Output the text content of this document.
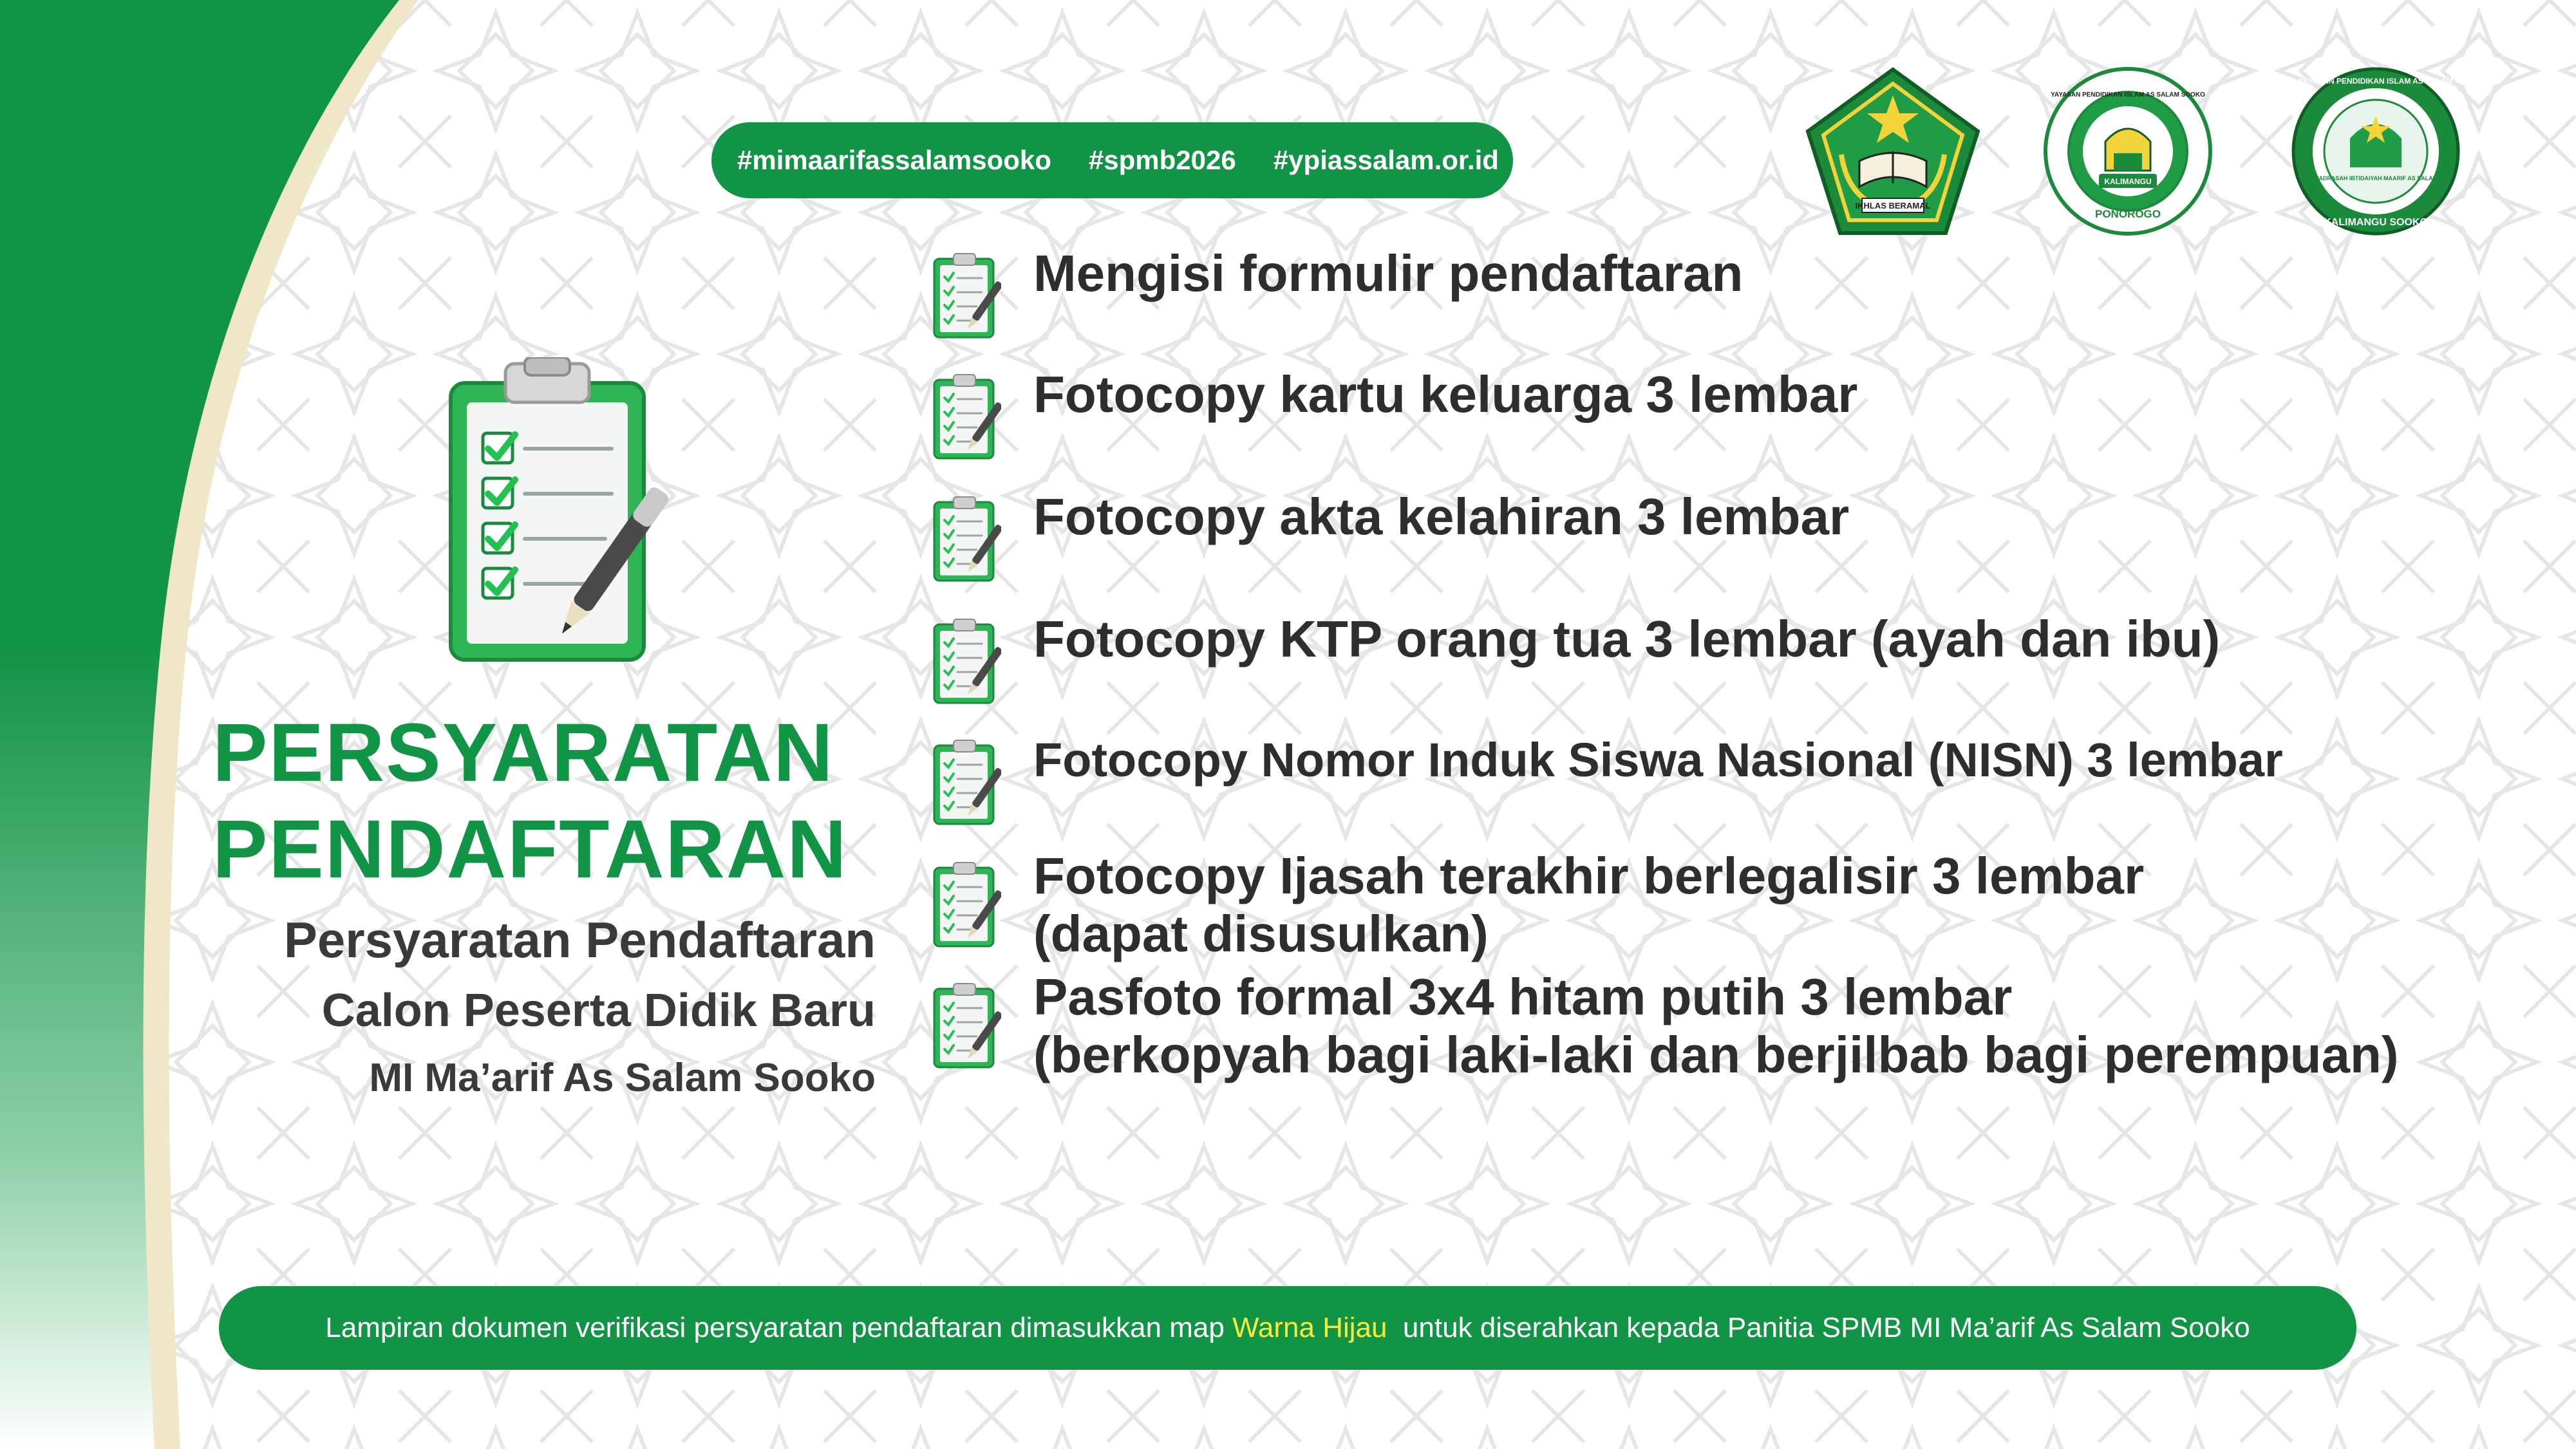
#mimaarifassalamsooko #spmb2026 #ypiassalam.or.id
IKHLAS BERAMAL
KALIMANGU
PONOROGO
YAYASAN PENDIDIKAN ISLAM AS SALAM SOOKO
MADRASAH IBTIDAIYAH MAARIF AS SALAM
YAYASAN PENDIDIKAN ISLAM AS SALAM
KALIMANGU SOOKO
PERSYARATAN
PENDAFTARAN

Persyaratan Pendaftaran

Calon Peserta Didik Baru

MI Ma’arif As Salam Sooko

Mengisi formulir pendaftaran
Fotocopy kartu keluarga 3 lembar
Fotocopy akta kelahiran 3 lembar
Fotocopy KTP orang tua 3 lembar (ayah dan ibu)
Fotocopy Nomor Induk Siswa Nasional (NISN) 3 lembar
Fotocopy Ijasah terakhir berlegalisir 3 lembar
(dapat disusulkan)
Pasfoto formal 3x4 hitam putih 3 lembar
(berkopyah bagi laki-laki dan berjilbab bagi perempuan)
Lampiran dokumen verifikasi persyaratan pendaftaran dimasukkan map Warna Hijau  untuk diserahkan kepada Panitia SPMB MI Ma’arif As Salam Sooko
